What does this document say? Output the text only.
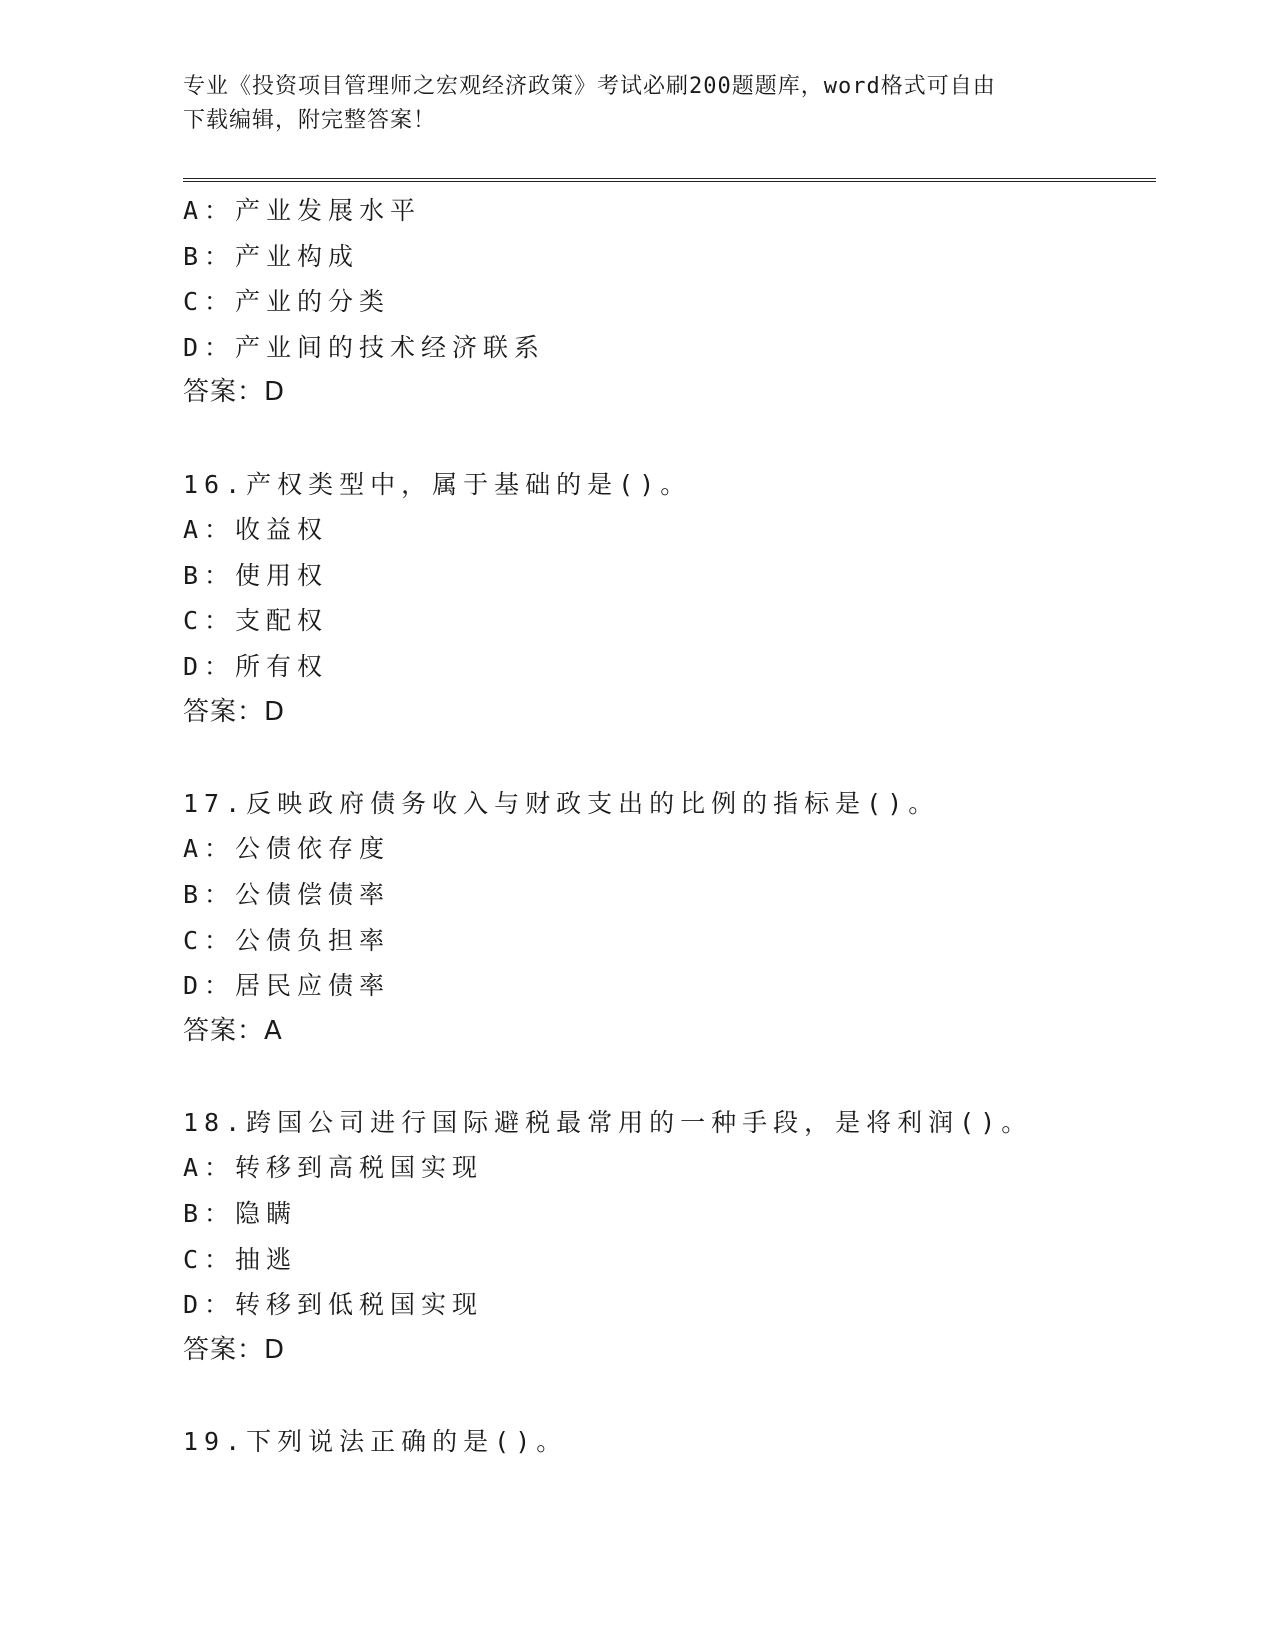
专业《投资项目管理师之宏观经济政策》考试必刷200题题库，word格式可自由
下载编辑，附完整答案！
A：产业发展水平
B：产业构成
C：产业的分类
D：产业间的技术经济联系
答案：D
16.产权类型中，属于基础的是()。
A：收益权
B：使用权
C：支配权
D：所有权
答案：D
17.反映政府债务收入与财政支出的比例的指标是()。
A：公债依存度
B：公债偿债率
C：公债负担率
D：居民应债率
答案：A
18.跨国公司进行国际避税最常用的一种手段，是将利润()。
A：转移到高税国实现
B：隐瞒
C：抽逃
D：转移到低税国实现
答案：D
19.下列说法正确的是()。
